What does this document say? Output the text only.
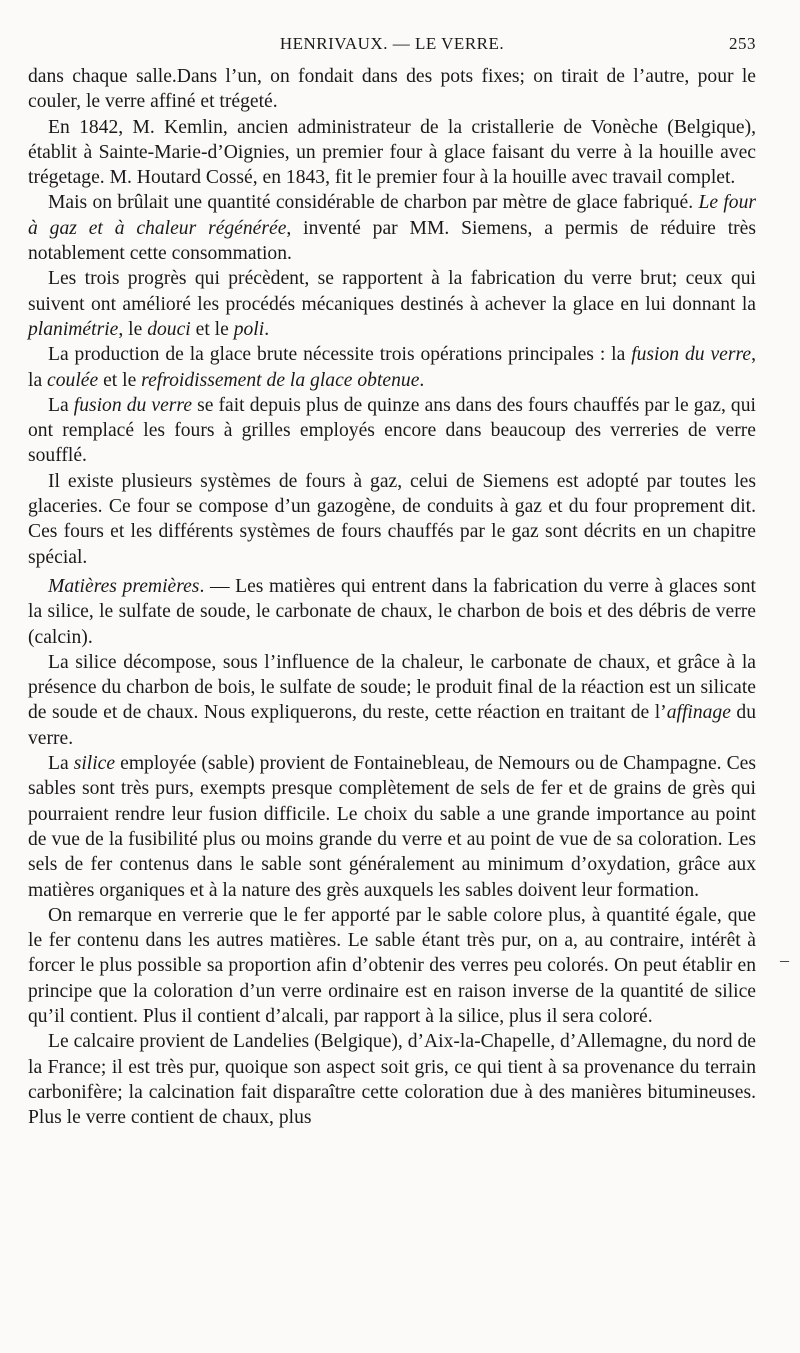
HENRIVAUX. — LE VERRE.	253

dans chaque salle.Dans l’un, on fondait dans des pots fixes; on tirait de l’autre, pour le couler, le verre affiné et trégeté.

En 1842, M. Kemlin, ancien administrateur de la cristallerie de Vonèche (Belgique), établit à Sainte-Marie-d’Oignies, un premier four à glace faisant du verre à la houille avec trégetage. M. Houtard Cossé, en 1843, fit le premier four à la houille avec travail complet.

Mais on brûlait une quantité considérable de charbon par mètre de glace fabriqué. Le four à gaz et à chaleur régénérée, inventé par MM. Siemens, a permis de réduire très notablement cette consommation.

Les trois progrès qui précèdent, se rapportent à la fabrication du verre brut; ceux qui suivent ont amélioré les procédés mécaniques destinés à achever la glace en lui donnant la planimétrie, le douci et le poli.

La production de la glace brute nécessite trois opérations principales : la fusion du verre, la coulée et le refroidissement de la glace obtenue.

La fusion du verre se fait depuis plus de quinze ans dans des fours chauffés par le gaz, qui ont remplacé les fours à grilles employés encore dans beaucoup des verreries de verre soufflé.

Il existe plusieurs systèmes de fours à gaz, celui de Siemens est adopté par toutes les glaceries. Ce four se compose d’un gazogène, de conduits à gaz et du four proprement dit. Ces fours et les différents systèmes de fours chauffés par le gaz sont décrits en un chapitre spécial.

Matières premières. — Les matières qui entrent dans la fabrication du verre à glaces sont la silice, le sulfate de soude, le carbonate de chaux, le charbon de bois et des débris de verre (calcin).

La silice décompose, sous l’influence de la chaleur, le carbonate de chaux, et grâce à la présence du charbon de bois, le sulfate de soude; le produit final de la réaction est un silicate de soude et de chaux. Nous expliquerons, du reste, cette réaction en traitant de l’affinage du verre.

La silice employée (sable) provient de Fontainebleau, de Nemours ou de Champagne. Ces sables sont très purs, exempts presque complètement de sels de fer et de grains de grès qui pourraient rendre leur fusion difficile. Le choix du sable a une grande importance au point de vue de la fusibilité plus ou moins grande du verre et au point de vue de sa coloration. Les sels de fer contenus dans le sable sont généralement au minimum d’oxydation, grâce aux matières organiques et à la nature des grès auxquels les sables doivent leur formation.

On remarque en verrerie que le fer apporté par le sable colore plus, à quantité égale, que le fer contenu dans les autres matières. Le sable étant très pur, on a, au contraire, intérêt à forcer le plus possible sa proportion afin d’obtenir des verres peu colorés. On peut établir en principe que la coloration d’un verre ordinaire est en raison inverse de la quantité de silice qu’il contient. Plus il contient d’alcali, par rapport à la silice, plus il sera coloré.

Le calcaire provient de Landelies (Belgique), d’Aix-la-Chapelle, d’Allemagne, du nord de la France; il est très pur, quoique son aspect soit gris, ce qui tient à sa provenance du terrain carbonifère; la calcination fait disparaître cette coloration due à des manières bitumineuses. Plus le verre contient de chaux, plus

–
